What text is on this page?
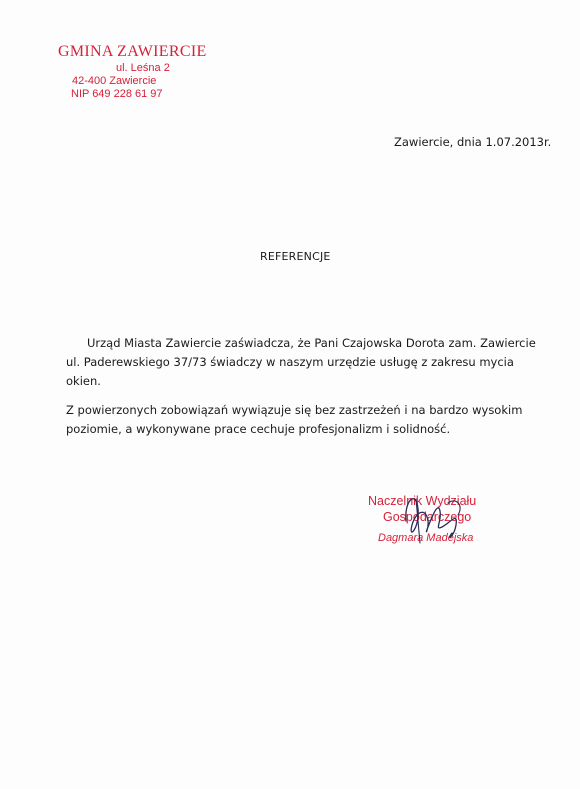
GMINA ZAWIERCIE
ul. Leśna 2
42-400 Zawiercie
NIP 649 228 61 97
Zawiercie, dnia 1.07.2013r.
REFERENCJE

Urząd Miasta Zawiercie zaświadcza, że Pani Czajowska Dorota zam. Zawiercie ul. Paderewskiego 37/73 świadczy w naszym urzędzie usługę z zakresu mycia okien.

Z powierzonych zobowiązań wywiązuje się bez zastrzeżeń i na bardzo wysokim poziomie, a wykonywane prace cechuje profesjonalizm i solidność.

Naczelnik Wydziału
Gospodarczego
Dagmara Madejska
